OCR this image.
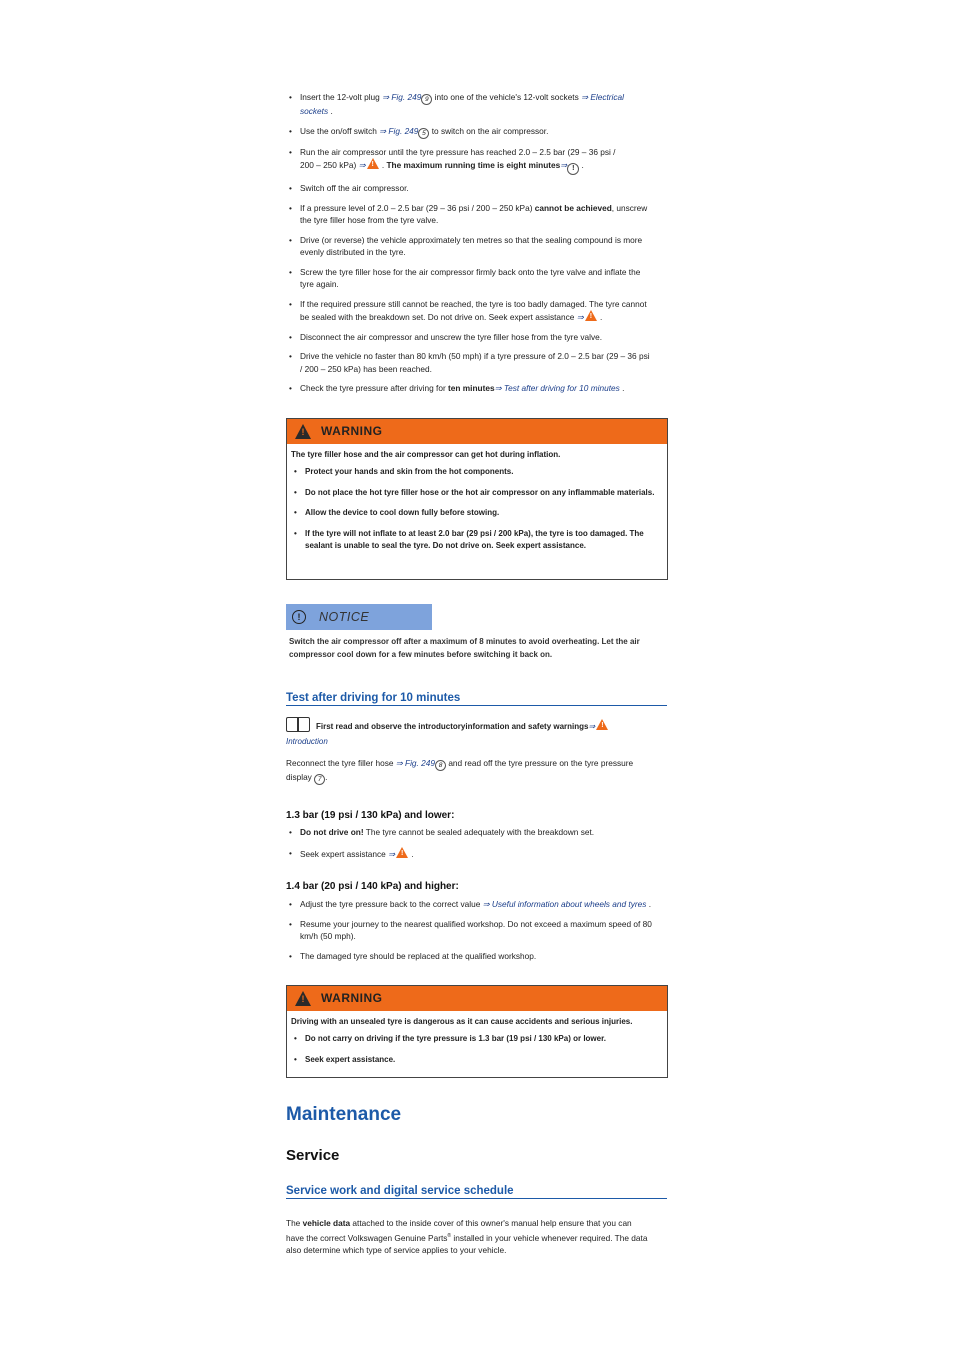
• Insert the 12-volt plug ⇒ Fig. 249 9 into one of the vehicle's 12-volt sockets ⇒ Electrical
sockets .
• Use the on/off switch ⇒ Fig. 249 5 to switch on the air compressor.
• Run the air compressor until the tyre pressure has reached 2.0 – 2.5 bar (29 – 36 psi /
200 – 250 kPa) ⇒ ! . The maximum running time is eight minutes⇒ ! .
• Switch off the air compressor.
• If a pressure level of 2.0 – 2.5 bar (29 – 36 psi / 200 – 250 kPa) cannot be achieved, unscrew
the tyre filler hose from the tyre valve.
• Drive (or reverse) the vehicle approximately ten metres so that the sealing compound is more
evenly distributed in the tyre.
• Screw the tyre filler hose for the air compressor firmly back onto the tyre valve and inflate the
tyre again.
• If the required pressure still cannot be reached, the tyre is too badly damaged. The tyre cannot
be sealed with the breakdown set. Do not drive on. Seek expert assistance ⇒ ! .
• Disconnect the air compressor and unscrew the tyre filler hose from the tyre valve.
• Drive the vehicle no faster than 80 km/h (50 mph) if a tyre pressure of 2.0 – 2.5 bar (29 – 36 psi
/ 200 – 250 kPa) has been reached.
• Check the tyre pressure after driving for ten minutes⇒ Test after driving for 10 minutes .
! WARNING
The tyre filler hose and the air compressor can get hot during inflation.
• Protect your hands and skin from the hot components.
• Do not place the hot tyre filler hose or the hot air compressor on any inflammable materials.
• Allow the device to cool down fully before stowing.
• If the tyre will not inflate to at least 2.0 bar (29 psi / 200 kPa), the tyre is too damaged. The sealant is unable to seal the tyre. Do not drive on. Seek expert assistance.
!	NOTICE
Switch the air compressor off after a maximum of 8 minutes to avoid overheating. Let the air compressor cool down for a few minutes before switching it back on.
Test after driving for 10 minutes
First read and observe the introductoryinformation and safety warnings⇒ !

Introduction
Reconnect the tyre filler hose ⇒ Fig. 249 8 and read off the tyre pressure on the tyre pressure
display 7 .
1.3 bar (19 psi / 130 kPa) and lower:
• Do not drive on! The tyre cannot be sealed adequately with the breakdown set.
• Seek expert assistance ⇒ ! .
1.4 bar (20 psi / 140 kPa) and higher:
• Adjust the tyre pressure back to the correct value ⇒ Useful information about wheels and tyres .
• Resume your journey to the nearest qualified workshop. Do not exceed a maximum speed of 80 km/h (50 mph).
• The damaged tyre should be replaced at the qualified workshop.
! WARNING
Driving with an unsealed tyre is dangerous as it can cause accidents and serious injuries.
• Do not carry on driving if the tyre pressure is 1.3 bar (19 psi / 130 kPa) or lower.
• Seek expert assistance.
Maintenance
Service
Service work and digital service schedule
The vehicle data attached to the inside cover of this owner's manual help ensure that you can
have the correct Volkswagen Genuine Parts® installed in your vehicle whenever required. The data
also determine which type of service applies to your vehicle.
